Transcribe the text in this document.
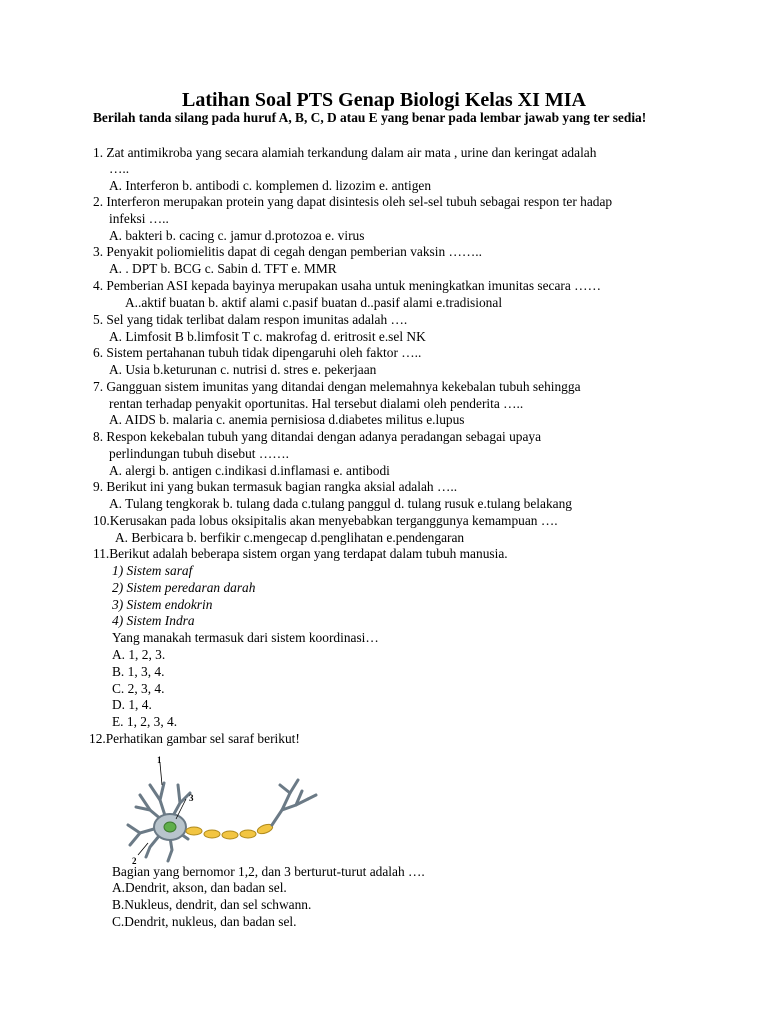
Latihan Soal PTS Genap Biologi Kelas XI MIA
Berilah tanda silang pada huruf A, B, C, D atau E yang benar pada lembar jawab yang ter sedia!
1. Zat antimikroba yang secara alamiah terkandung dalam air mata , urine dan keringat adalah
…..
A. Interferon b. antibodi c. komplemen d. lizozim e. antigen
2. Interferon merupakan protein yang dapat disintesis oleh sel-sel tubuh sebagai respon ter hadap
infeksi …..
A. bakteri b. cacing c. jamur d.protozoa e. virus
3. Penyakit poliomielitis dapat di cegah dengan pemberian vaksin ……..
A. . DPT b. BCG c. Sabin d. TFT e. MMR
4. Pemberian ASI kepada bayinya merupakan usaha untuk meningkatkan imunitas secara ……
A..aktif buatan b. aktif alami c.pasif buatan d..pasif alami e.tradisional
5. Sel yang tidak terlibat dalam respon imunitas adalah ….
A. Limfosit B b.limfosit T c. makrofag d. eritrosit e.sel NK
6. Sistem pertahanan tubuh tidak dipengaruhi oleh faktor …..
A. Usia b.keturunan c. nutrisi d. stres e. pekerjaan
7. Gangguan sistem imunitas yang ditandai dengan melemahnya kekebalan tubuh sehingga
rentan terhadap penyakit oportunitas. Hal tersebut dialami oleh penderita …..
A. AIDS b. malaria c. anemia pernisiosa d.diabetes militus e.lupus
8. Respon kekebalan tubuh yang ditandai dengan adanya peradangan sebagai upaya
perlindungan tubuh disebut …….
A. alergi b. antigen c.indikasi d.inflamasi e. antibodi
9. Berikut ini yang bukan termasuk bagian rangka aksial adalah …..
A. Tulang tengkorak b. tulang dada c.tulang panggul d. tulang rusuk e.tulang belakang
10.Kerusakan pada lobus oksipitalis akan menyebabkan terganggunya kemampuan ….
A. Berbicara b. berfikir c.mengecap d.penglihatan e.pendengaran
11.Berikut adalah beberapa sistem organ yang terdapat dalam tubuh manusia.
1) Sistem saraf
2) Sistem peredaran darah
3) Sistem endokrin
4) Sistem Indra
Yang manakah termasuk dari sistem koordinasi…
A. 1, 2, 3.
B. 1, 3, 4.
C. 2, 3, 4.
D. 1, 4.
E. 1, 2, 3, 4.
12.Perhatikan gambar sel saraf berikut!
1
3
2
Bagian yang bernomor 1,2, dan 3 berturut-turut adalah ….
A.Dendrit, akson, dan badan sel.
B.Nukleus, dendrit, dan sel schwann.
C.Dendrit, nukleus, dan badan sel.
